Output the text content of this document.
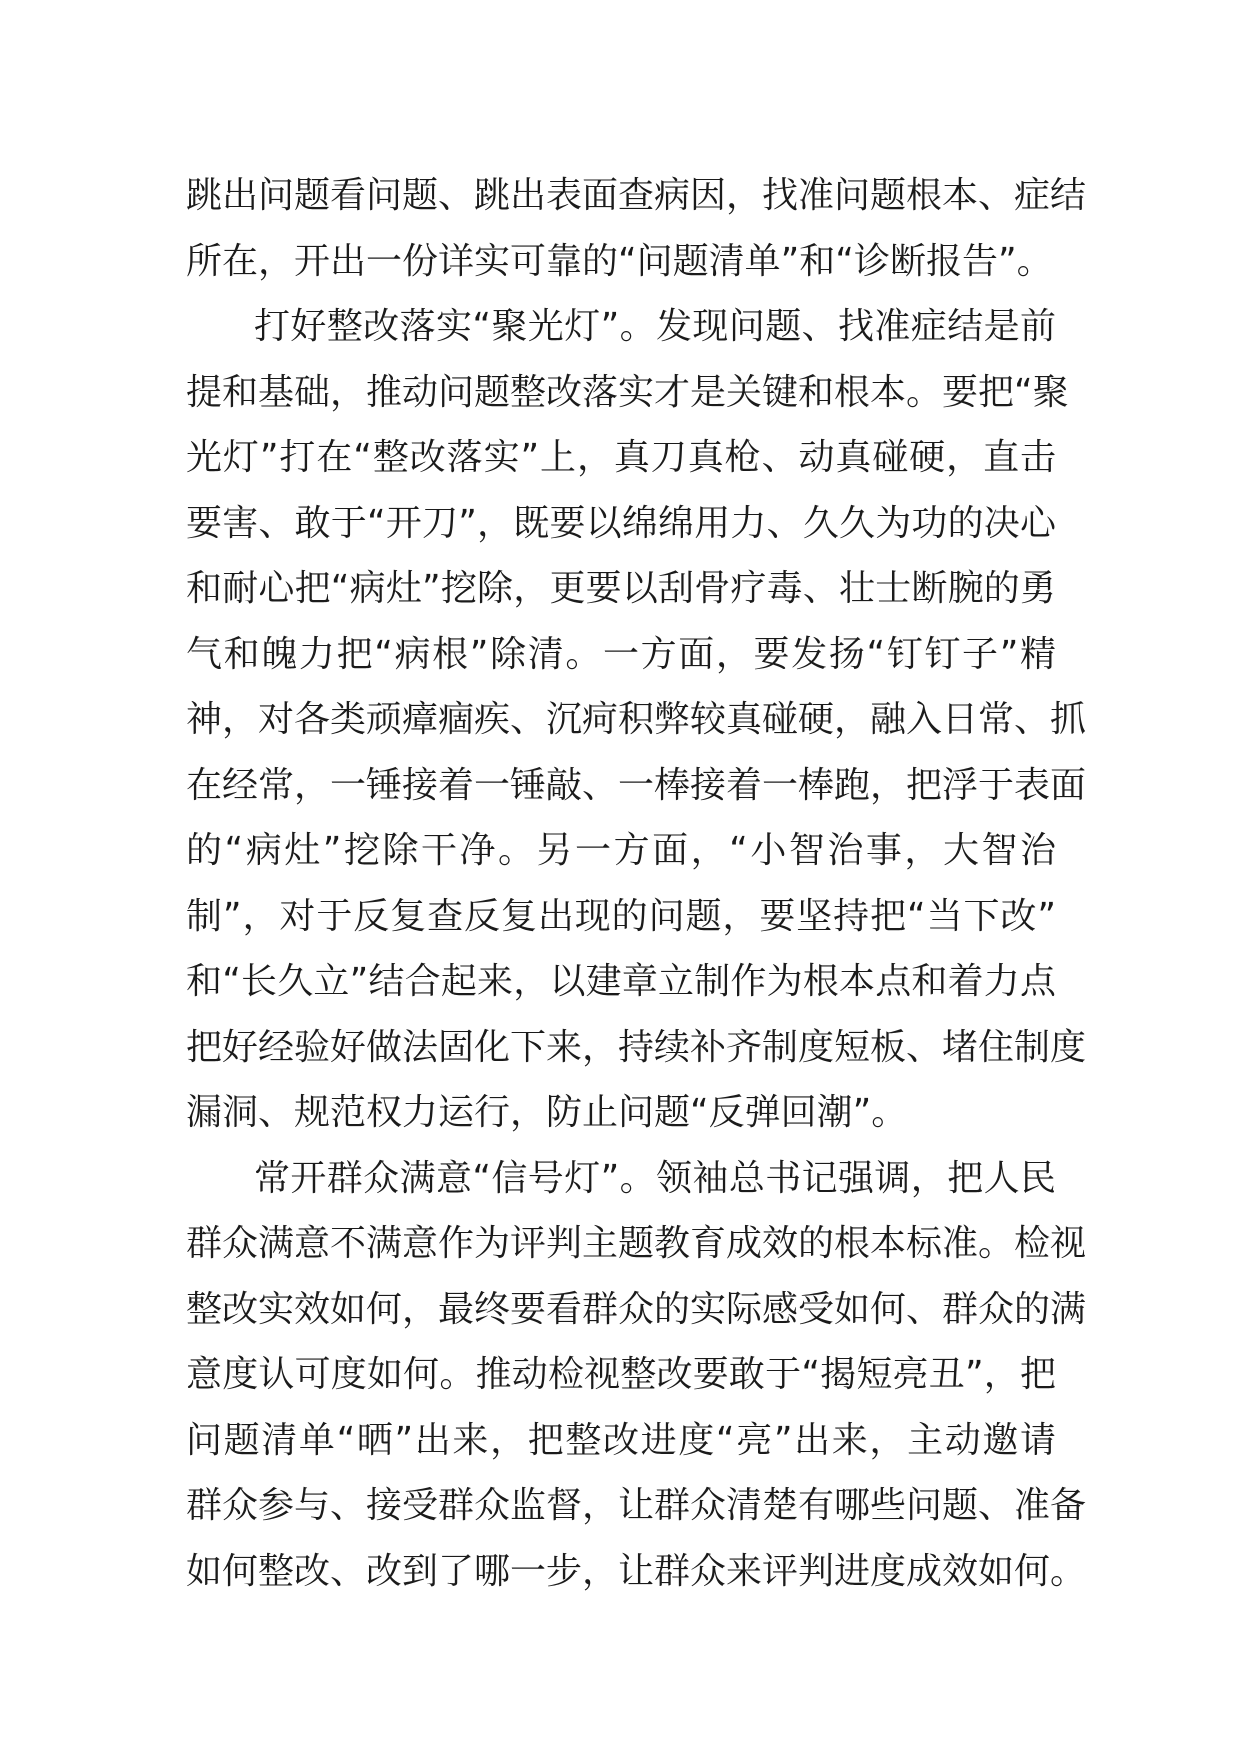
跳出问题看问题、跳出表面查病因，找准问题根本、症结
所在，开出一份详实可靠的“问题清单”和“诊断报告”。
打好整改落实“聚光灯”。发现问题、找准症结是前
提和基础，推动问题整改落实才是关键和根本。要把“聚
光灯”打在“整改落实”上，真刀真枪、动真碰硬，直击
要害、敢于“开刀”，既要以绵绵用力、久久为功的决心
和耐心把“病灶”挖除，更要以刮骨疗毒、壮士断腕的勇
气和魄力把“病根”除清。一方面，要发扬“钉钉子”精
神，对各类顽瘴痼疾、沉疴积弊较真碰硬，融入日常、抓
在经常，一锤接着一锤敲、一棒接着一棒跑，把浮于表面
的“病灶”挖除干净。另一方面，“小智治事，大智治
制”，对于反复查反复出现的问题，要坚持把“当下改”
和“长久立”结合起来，以建章立制作为根本点和着力点
把好经验好做法固化下来，持续补齐制度短板、堵住制度
漏洞、规范权力运行，防止问题“反弹回潮”。
常开群众满意“信号灯”。领袖总书记强调，把人民
群众满意不满意作为评判主题教育成效的根本标准。检视
整改实效如何，最终要看群众的实际感受如何、群众的满
意度认可度如何。推动检视整改要敢于“揭短亮丑”，把
问题清单“晒”出来，把整改进度“亮”出来，主动邀请
群众参与、接受群众监督，让群众清楚有哪些问题、准备
如何整改、改到了哪一步，让群众来评判进度成效如何。
